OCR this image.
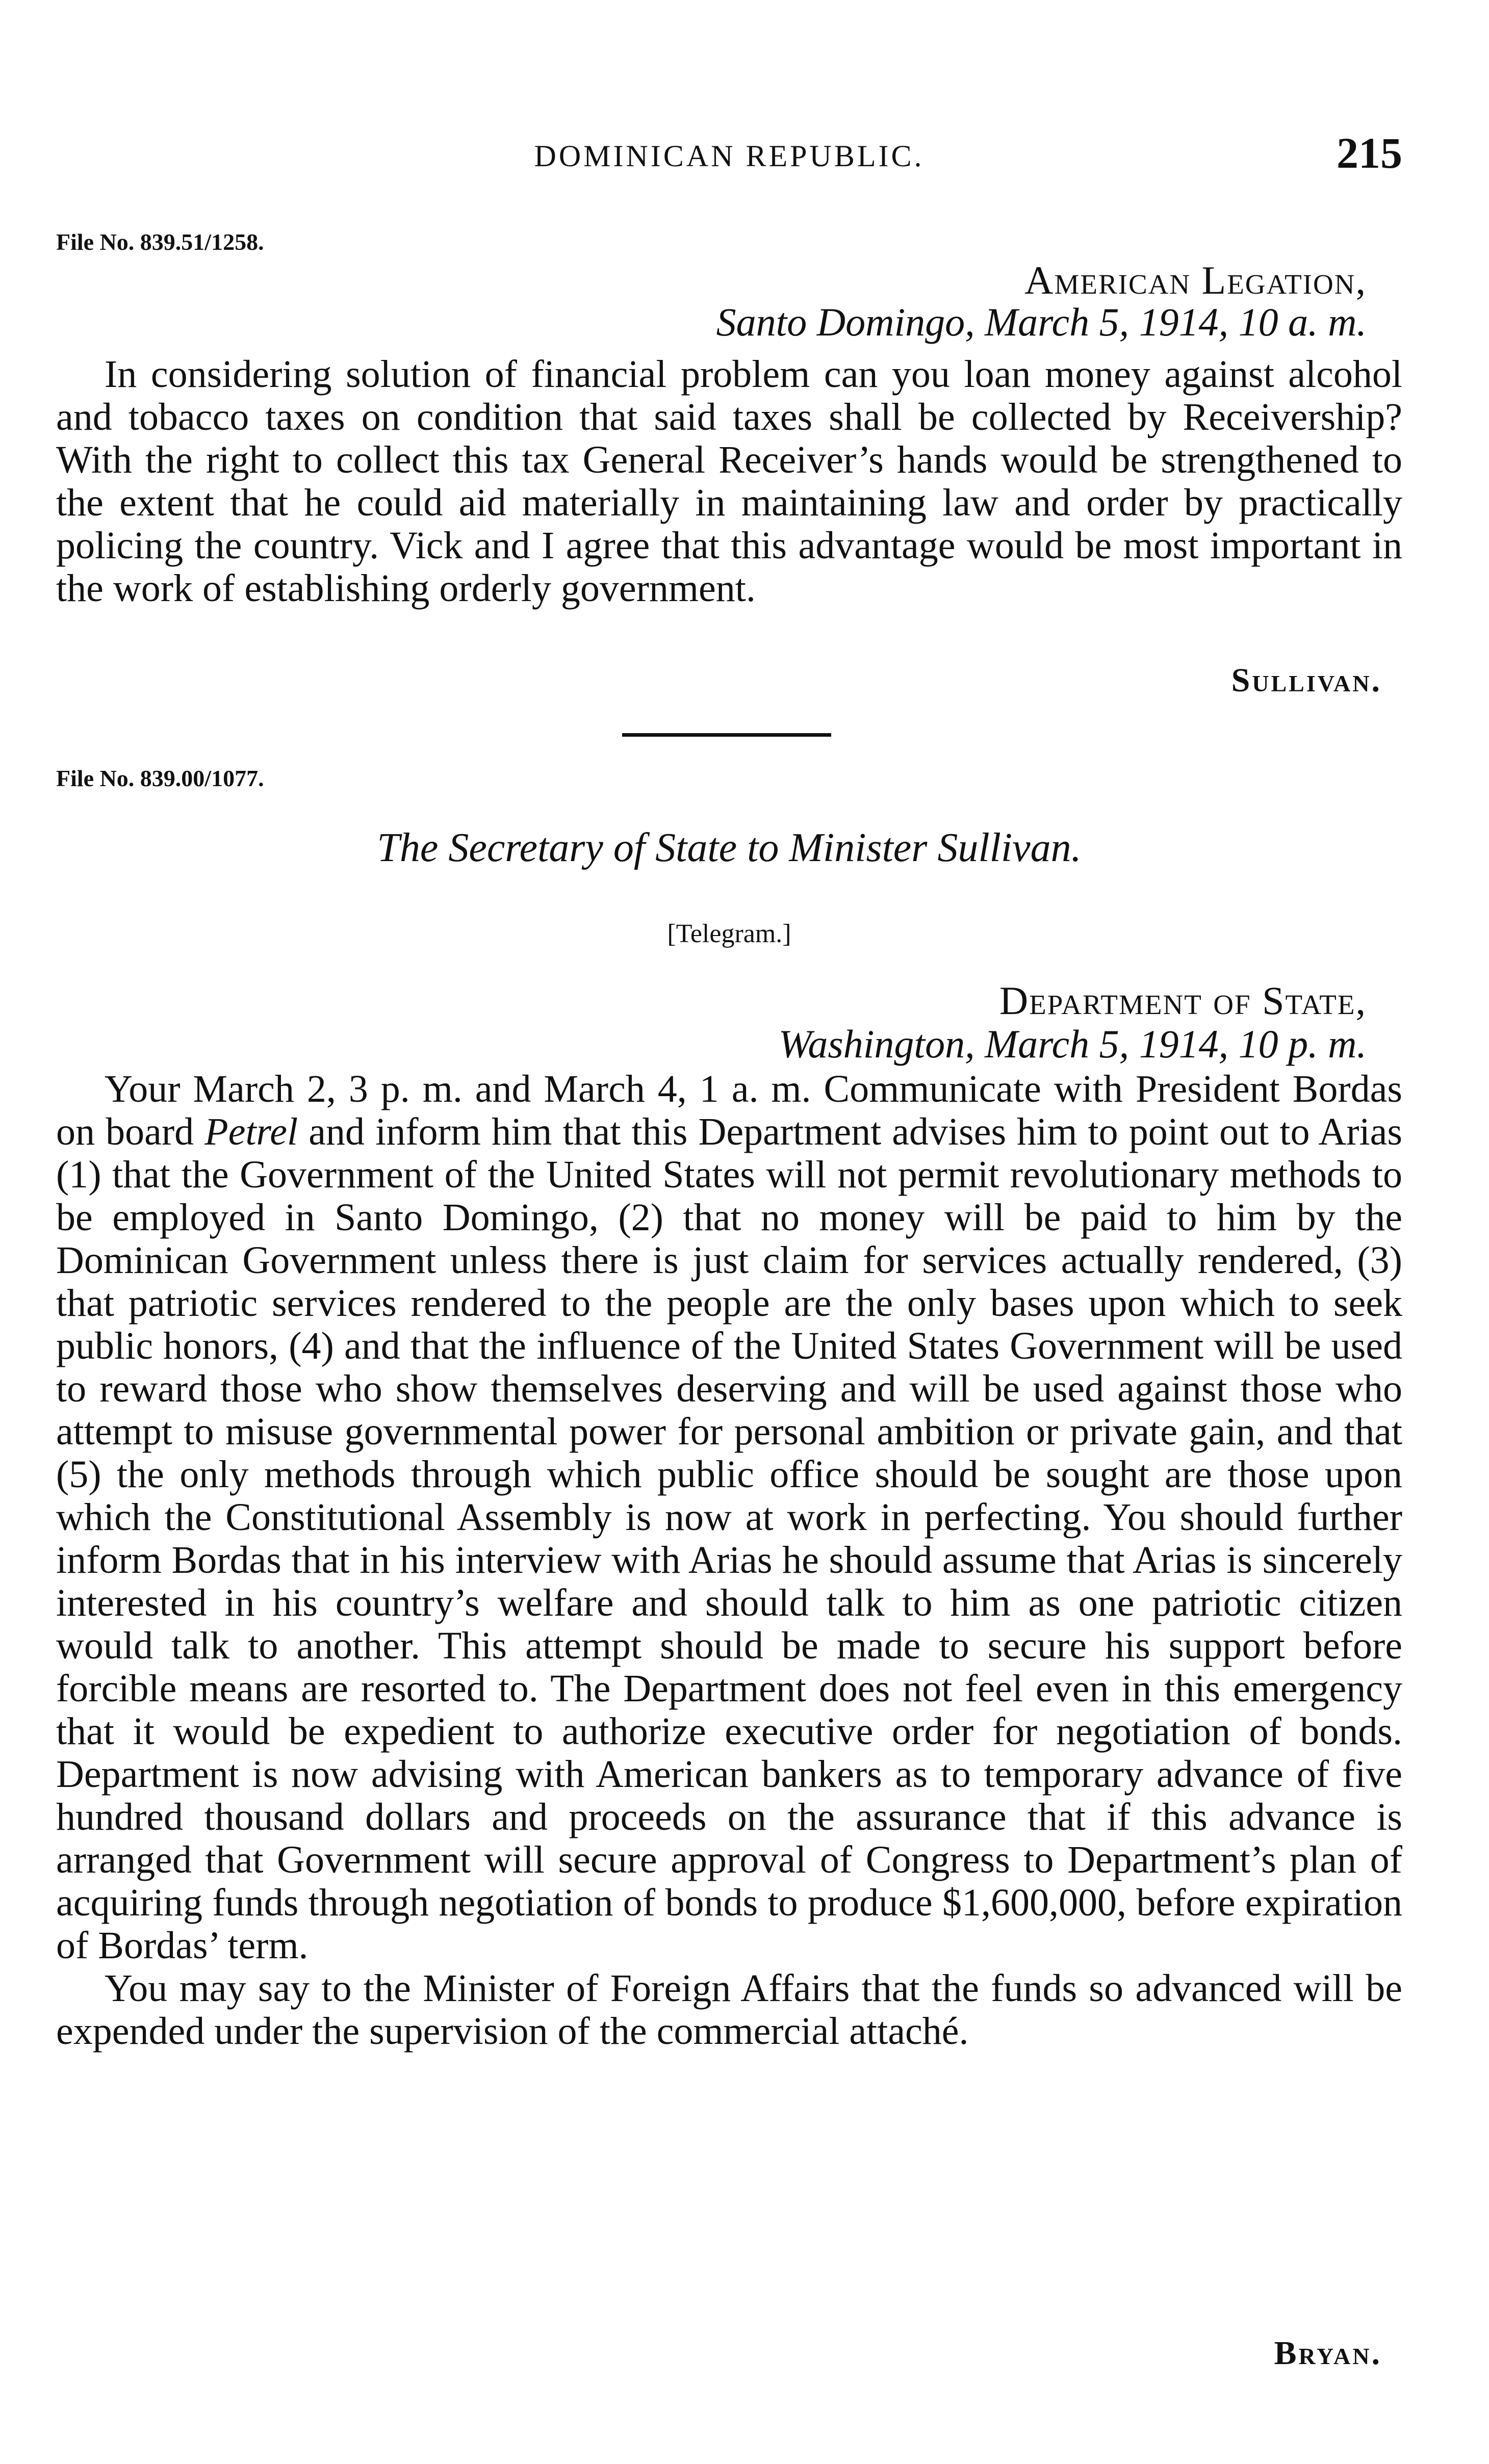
DOMINICAN REPUBLIC.	215
File No. 839.51/1258.
American Legation,
Santo Domingo, March 5, 1914, 10 a. m.

In considering solution of financial problem can you loan money against alcohol and tobacco taxes on condition that said taxes shall be collected by Receivership? With the right to collect this tax General Receiver’s hands would be strengthened to the extent that he could aid materially in maintaining law and order by practically policing the country. Vick and I agree that this advantage would be most important in the work of establishing orderly government.

Sullivan.
File No. 839.00/1077.
The Secretary of State to Minister Sullivan.
[Telegram.]
Department of State,
Washington, March 5, 1914, 10 p. m.

Your March 2, 3 p. m. and March 4, 1 a. m. Communicate with President Bordas on board Petrel and inform him that this Department advises him to point out to Arias (1) that the Government of the United States will not permit revolutionary methods to be employed in Santo Domingo, (2) that no money will be paid to him by the Dominican Government unless there is just claim for services actually rendered, (3) that patriotic services rendered to the people are the only bases upon which to seek public honors, (4) and that the influence of the United States Government will be used to reward those who show themselves deserving and will be used against those who attempt to misuse governmental power for personal ambition or private gain, and that (5) the only methods through which public office should be sought are those upon which the Constitutional Assembly is now at work in perfecting. You should further inform Bordas that in his interview with Arias he should assume that Arias is sincerely interested in his country’s welfare and should talk to him as one patriotic citizen would talk to another. This attempt should be made to secure his support before forcible means are resorted to. The Department does not feel even in this emergency that it would be expedient to authorize executive order for negotiation of bonds. Department is now advising with American bankers as to temporary advance of five hundred thousand dollars and proceeds on the assurance that if this advance is arranged that Government will secure approval of Congress to Department’s plan of acquiring funds through negotiation of bonds to produce $1,600,000, before expiration of Bordas’ term.

You may say to the Minister of Foreign Affairs that the funds so advanced will be expended under the supervision of the commercial attaché.

Bryan.
